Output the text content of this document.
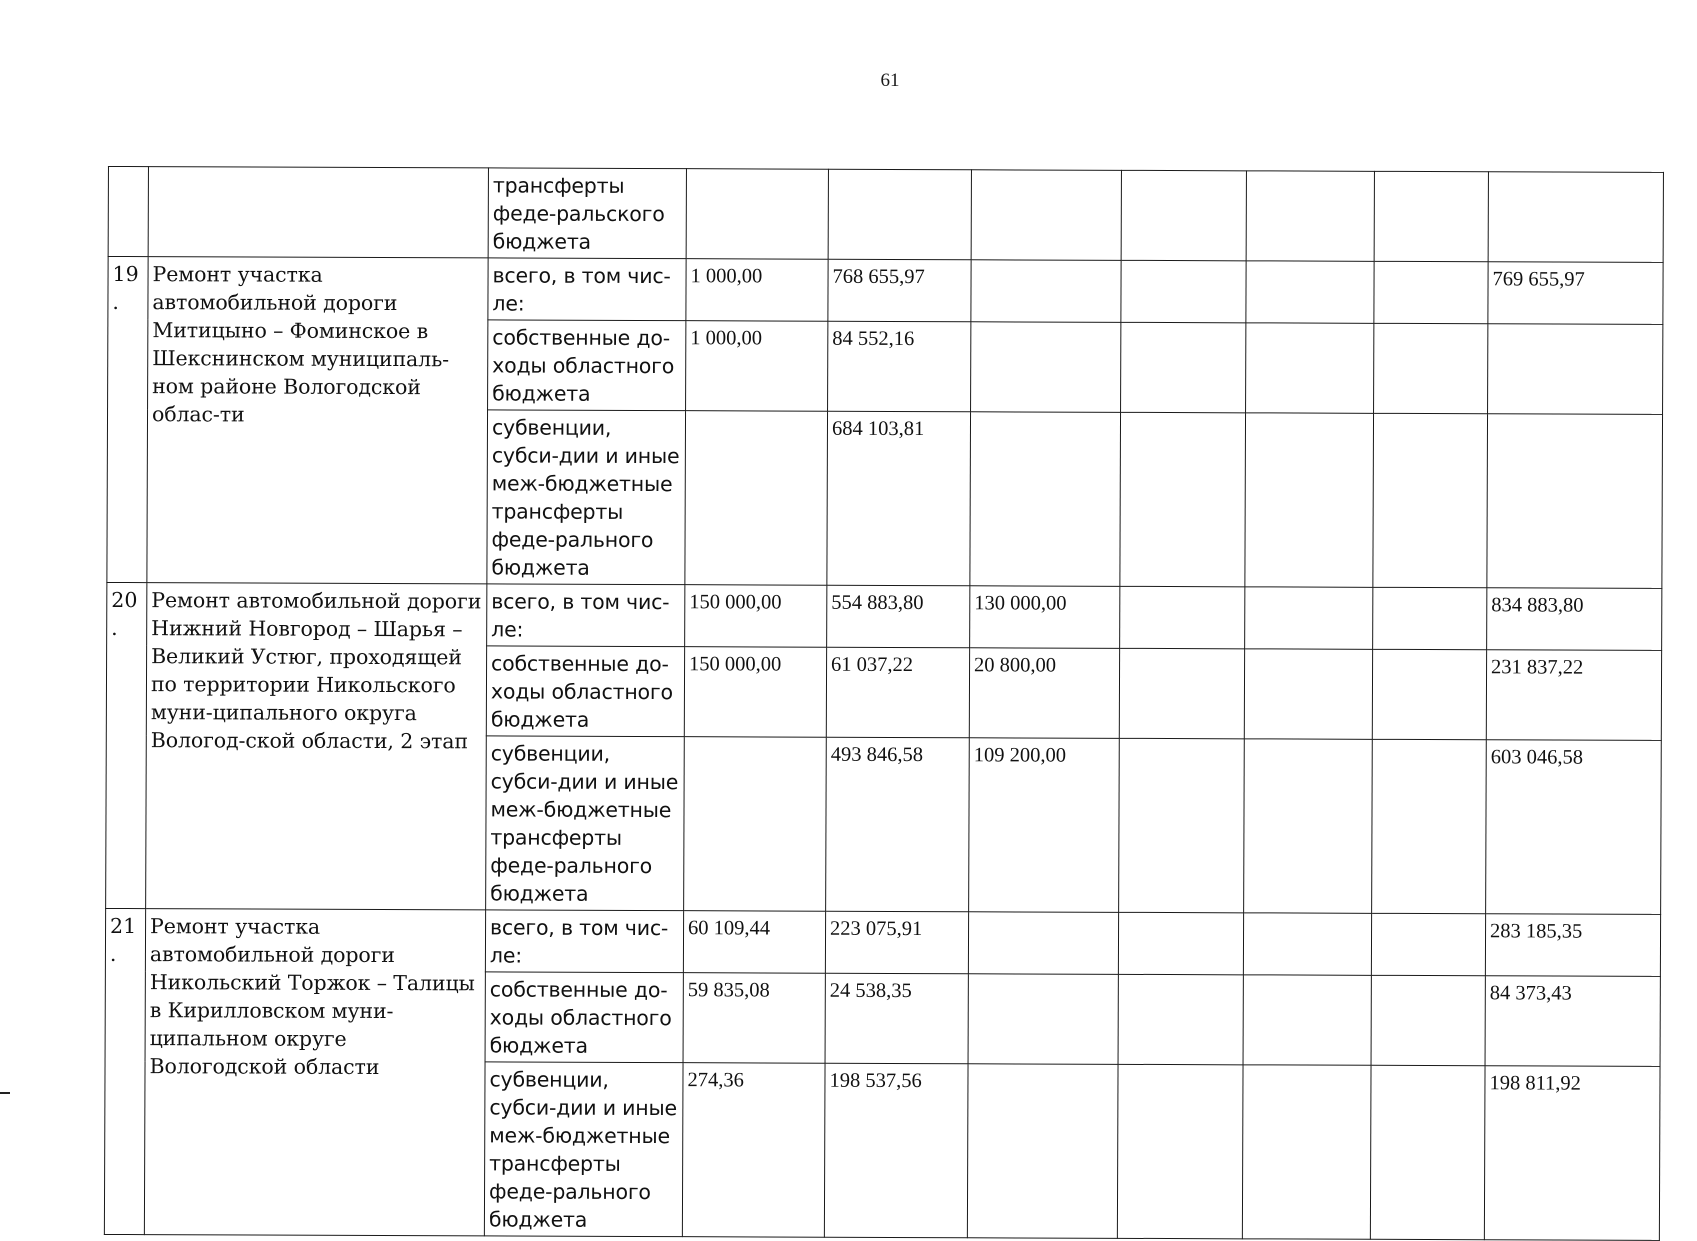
61
		трансферты феде-ральского бюджета							
19.	Ремонт участка автомобильной дороги Митицыно – Фоминское в Шекснинском муниципаль-ном районе Вологодской облас-ти	всего, в том чис-ле:	1 000,00	768 655,97					769 655,97
		собственные до-ходы областного бюджета	1 000,00	84 552,16					
		субвенции, субси-дии и иные меж-бюджетные трансферты феде-рального бюджета		684 103,81					
20.	Ремонт автомобильной дороги Нижний Новгород – Шарья – Великий Устюг, проходящей по территории Никольского муни-ципального округа Вологод-ской области, 2 этап	всего, в том чис-ле:	150 000,00	554 883,80	130 000,00				834 883,80
		собственные до-ходы областного бюджета	150 000,00	61 037,22	20 800,00				231 837,22
		субвенции, субси-дии и иные меж-бюджетные трансферты феде-рального бюджета		493 846,58	109 200,00				603 046,58
21.	Ремонт участка автомобильной дороги Никольский Торжок – Талицы в Кирилловском муни-ципальном округе Вологодской области	всего, в том чис-ле:	60 109,44	223 075,91					283 185,35
		собственные до-ходы областного бюджета	59 835,08	24 538,35					84 373,43
		субвенции, субси-дии и иные меж-бюджетные трансферты феде-рального бюджета	274,36	198 537,56					198 811,92
